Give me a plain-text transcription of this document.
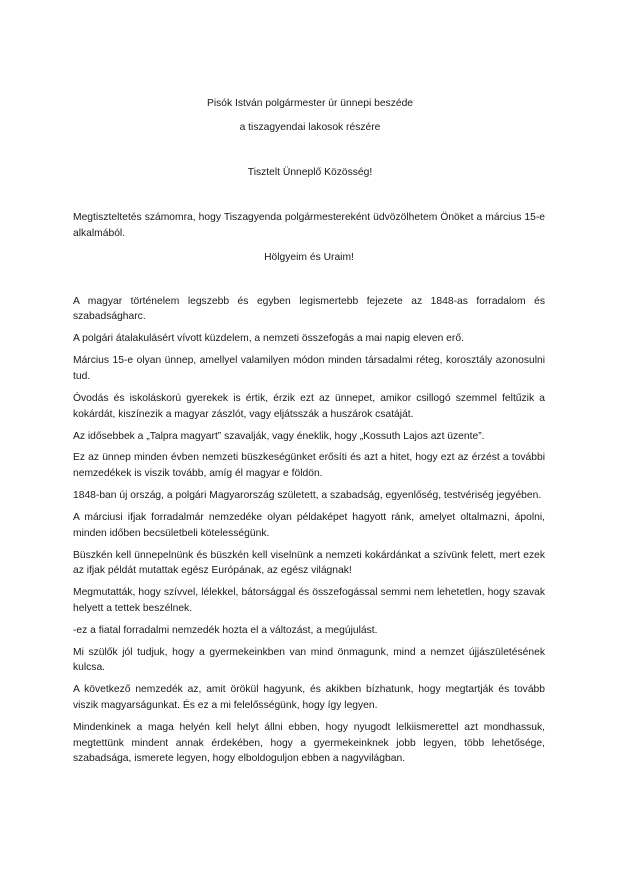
Pisók István polgármester úr ünnepi beszéde
a tiszagyendai lakosok részére
Tisztelt Ünneplő Közösség!

Megtiszteltetés számomra, hogy Tiszagyenda polgármestereként üdvözölhetem Önöket a március 15-e alkalmából.

Hölgyeim és Uraim!

A magyar történelem legszebb és egyben legismertebb fejezete az 1848-as forradalom és szabadságharc.

A polgári átalakulásért vívott küzdelem, a nemzeti összefogás a mai napig eleven erő.

Március 15-e olyan ünnep, amellyel valamilyen módon minden társadalmi réteg, korosztály azonosulni tud.

Óvodás és iskoláskorú gyerekek is értik, érzik ezt az ünnepet, amikor csillogó szemmel feltűzik a kokárdát, kiszínezik a magyar zászlót, vagy eljátsszák a huszárok csatáját.

Az idősebbek a „Talpra magyart” szavalják, vagy éneklik, hogy „Kossuth Lajos azt üzente”.

Ez az ünnep minden évben nemzeti büszkeségünket erősíti és azt a hitet, hogy ezt az érzést a további nemzedékek is viszik tovább, amíg él magyar e földön.

1848-ban új ország, a polgári Magyarország született, a szabadság, egyenlőség, testvériség jegyében.

A márciusi ifjak forradalmár nemzedéke olyan példaképet hagyott ránk, amelyet oltalmazni, ápolni, minden időben becsületbeli kötelességünk.

Büszkén kell ünnepelnünk és büszkén kell viselnünk a nemzeti kokárdánkat a szívünk felett, mert ezek az ifjak példát mutattak egész Európának, az egész világnak!

Megmutatták, hogy szívvel, lélekkel, bátorsággal és összefogással semmi nem lehetetlen, hogy szavak helyett a tettek beszélnek.

-ez a fiatal forradalmi nemzedék hozta el a változást, a megújulást.

Mi szülők jól tudjuk, hogy a gyermekeinkben van mind önmagunk, mind a nemzet újjászületésének kulcsa.

A következő nemzedék az, amit örökül hagyunk, és akikben bízhatunk, hogy megtartják és tovább viszik magyarságunkat. És ez a mi felelősségünk, hogy így legyen.

Mindenkinek a maga helyén kell helyt állni ebben, hogy nyugodt lelkiismerettel azt mondhassuk, megtettünk mindent annak érdekében, hogy a gyermekeinknek jobb legyen, több lehetősége, szabadsága, ismerete legyen, hogy elboldoguljon ebben a nagyvilágban.
